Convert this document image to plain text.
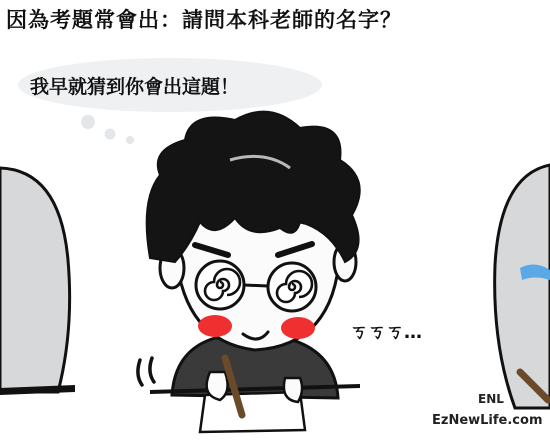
因為考題常會出：請問本科老師的名字？
我早就猜到你會出這題！
ㄎㄎㄎ…
ENL
EzNewLife.com
